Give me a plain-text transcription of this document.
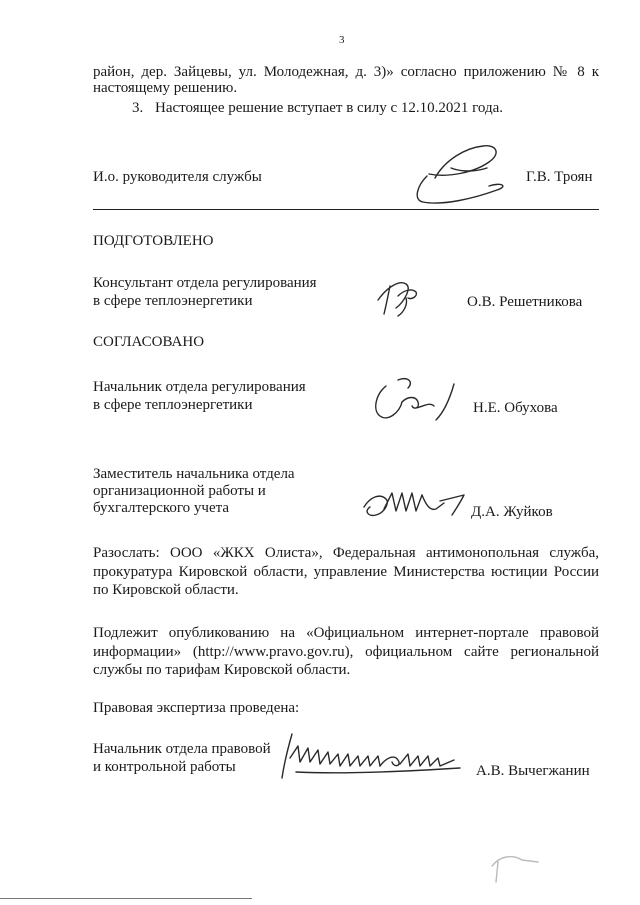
3
район, дер. Зайцевы, ул. Молодежная, д. 3)» согласно приложению № 8 к
настоящему решению.
3. Настоящее решение вступает в силу с 12.10.2021 года.
И.о. руководителя службы	Г.В. Троян
ПОДГОТОВЛЕНО
Консультант отдела регулирования
в сфере теплоэнергетики	О.В. Решетникова
СОГЛАСОВАНО
Начальник отдела регулирования
в сфере теплоэнергетики	Н.Е. Обухова
Заместитель начальника отдела
организационной работы и
бухгалтерского учета	Д.А. Жуйков
Разослать: ООО «ЖКХ Олиста», Федеральная антимонопольная служба, прокуратура Кировской области, управление Министерства юстиции России по Кировской области.
Подлежит опубликованию на «Официальном интернет-портале правовой информации» (http://www.pravo.gov.ru), официальном сайте региональной службы по тарифам Кировской области.
Правовая экспертиза проведена:
Начальник отдела правовой
и контрольной работы	А.В. Вычегжанин
